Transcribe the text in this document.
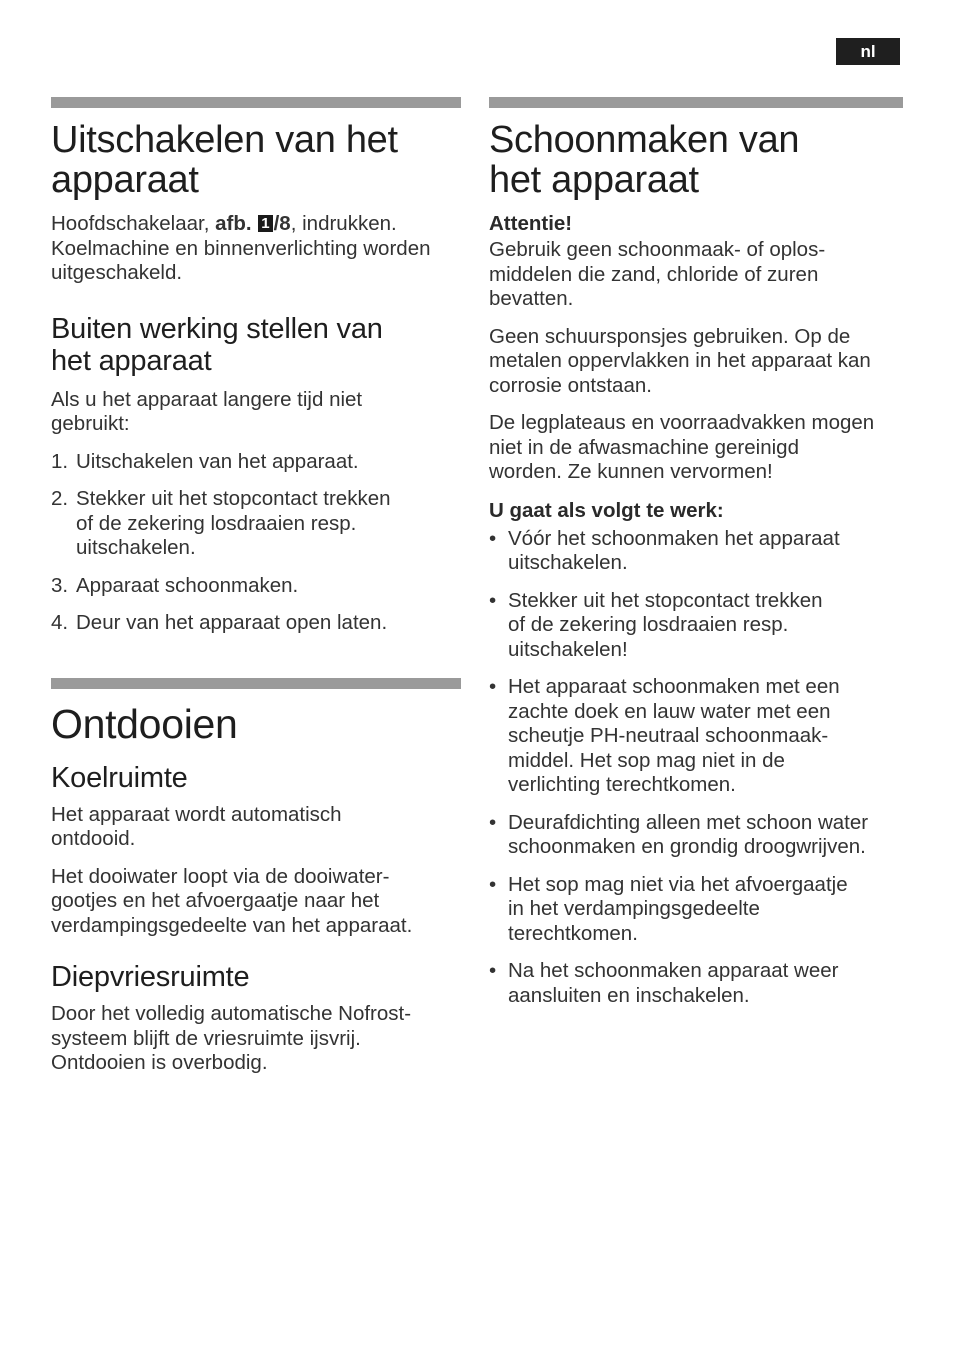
nl
Uitschakelen van het
apparaat

Hoofdschakelaar, afb. 1 /8, indrukken.
Koelmachine en binnenverlichting worden
uitgeschakeld.

Buiten werking stellen van
het apparaat

Als u het apparaat langere tijd niet
gebruikt:

1. Uitschakelen van het apparaat.
2. Stekker uit het stopcontact trekken
of de zekering losdraaien resp.
uitschakelen.
3. Apparaat schoonmaken.
4. Deur van het apparaat open laten.
Ontdooien
Koelruimte

Het apparaat wordt automatisch
ontdooid.

Het dooiwater loopt via de dooiwater-
gootjes en het afvoergaatje naar het
verdampingsgedeelte van het apparaat.

Diepvriesruimte

Door het volledig automatische Nofrost-
systeem blijft de vriesruimte ijsvrij.
Ontdooien is overbodig.

Schoonmaken van
het apparaat
Attentie!

Gebruik geen schoonmaak- of oplos-
middelen die zand, chloride of zuren
bevatten.

Geen schuursponsjes gebruiken. Op de
metalen oppervlakken in het apparaat kan
corrosie ontstaan.

De legplateaus en voorraadvakken mogen
niet in de afwasmachine gereinigd
worden. Ze kunnen vervormen!

U gaat als volgt te werk:
• Vóór het schoonmaken het apparaat
uitschakelen.
• Stekker uit het stopcontact trekken
of de zekering losdraaien resp.
uitschakelen!
• Het apparaat schoonmaken met een
zachte doek en lauw water met een
scheutje PH-neutraal schoonmaak-
middel. Het sop mag niet in de
verlichting terechtkomen.
• Deurafdichting alleen met schoon water
schoonmaken en grondig droogwrijven.
• Het sop mag niet via het afvoergaatje
in het verdampingsgedeelte
terechtkomen.
• Na het schoonmaken apparaat weer
aansluiten en inschakelen.
